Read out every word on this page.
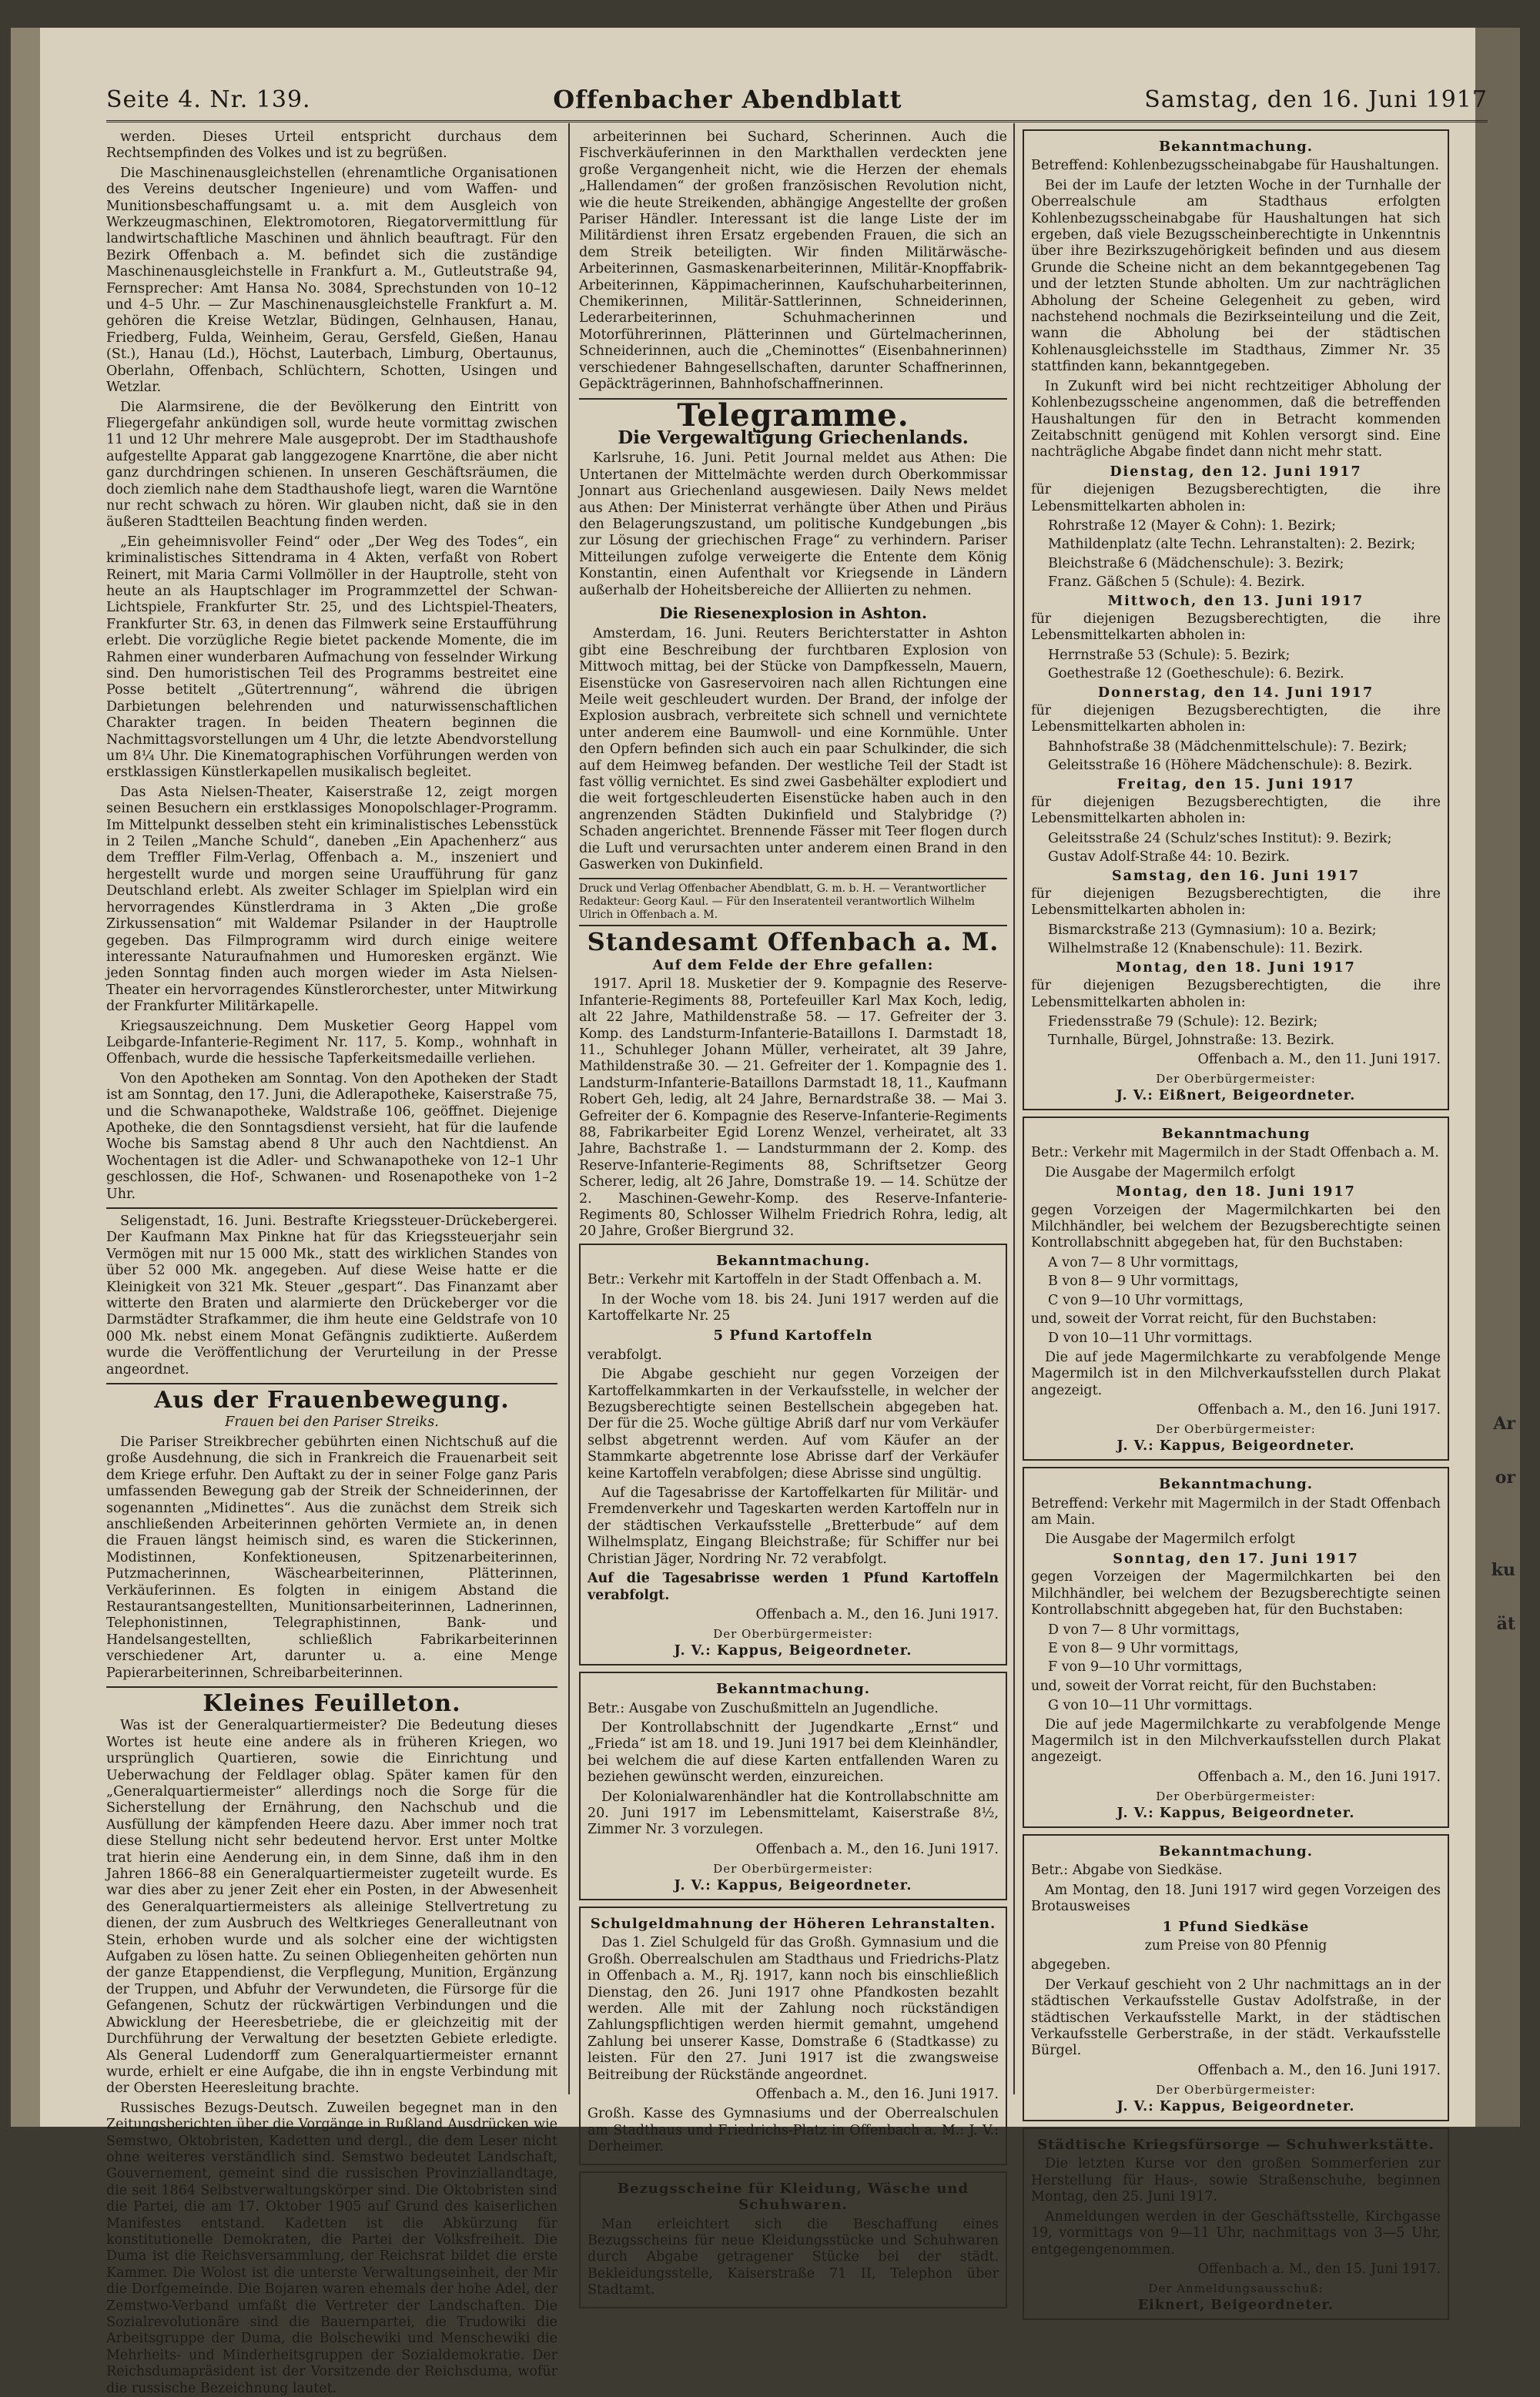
Ar
or
ku
ät
Seite 4. Nr. 139.	Offenbacher Abendblatt	Samstag, den 16. Juni 1917

werden. Dieses Urteil entspricht durchaus dem Rechtsempfinden des Volkes und ist zu begrüßen.

Die Maschinenausgleichstellen (ehrenamtliche Organisationen des Vereins deutscher Ingenieure) und vom Waffen- und Munitionsbeschaffungsamt u. a. mit dem Ausgleich von Werkzeugmaschinen, Elektromotoren, Riegatorvermittlung für landwirtschaftliche Maschinen und ähnlich beauftragt. Für den Bezirk Offenbach a. M. befindet sich die zuständige Maschinenausgleichstelle in Frankfurt a. M., Gutleutstraße 94, Fernsprecher: Amt Hansa No. 3084, Sprechstunden von 10–12 und 4–5 Uhr. — Zur Maschinenausgleichstelle Frankfurt a. M. gehören die Kreise Wetzlar, Büdingen, Gelnhausen, Hanau, Friedberg, Fulda, Weinheim, Gerau, Gersfeld, Gießen, Hanau (St.), Hanau (Ld.), Höchst, Lauterbach, Limburg, Obertaunus, Oberlahn, Offenbach, Schlüchtern, Schotten, Usingen und Wetzlar.

Die Alarmsirene, die der Bevölkerung den Eintritt von Fliegergefahr ankündigen soll, wurde heute vormittag zwischen 11 und 12 Uhr mehrere Male ausgeprobt. Der im Stadthaushofe aufgestellte Apparat gab langgezogene Knarrtöne, die aber nicht ganz durchdringen schienen. In unseren Geschäftsräumen, die doch ziemlich nahe dem Stadthaushofe liegt, waren die Warntöne nur recht schwach zu hören. Wir glauben nicht, daß sie in den äußeren Stadtteilen Beachtung finden werden.

„Ein geheimnisvoller Feind“ oder „Der Weg des Todes“, ein kriminalistisches Sittendrama in 4 Akten, verfaßt von Robert Reinert, mit Maria Carmi Vollmöller in der Hauptrolle, steht von heute an als Hauptschlager im Programmzettel der Schwan-Lichtspiele, Frankfurter Str. 25, und des Lichtspiel-Theaters, Frankfurter Str. 63, in denen das Filmwerk seine Erstaufführung erlebt. Die vorzügliche Regie bietet packende Momente, die im Rahmen einer wunderbaren Aufmachung von fesselnder Wirkung sind. Den humoristischen Teil des Programms bestreitet eine Posse betitelt „Gütertrennung“, während die übrigen Darbietungen belehrenden und naturwissenschaftlichen Charakter tragen. In beiden Theatern beginnen die Nachmittagsvorstellungen um 4 Uhr, die letzte Abendvorstellung um 8¼ Uhr. Die Kinematographischen Vorführungen werden von erstklassigen Künstlerkapellen musikalisch begleitet.

Das Asta Nielsen-Theater, Kaiserstraße 12, zeigt morgen seinen Besuchern ein erstklassiges Monopolschlager-Programm. Im Mittelpunkt desselben steht ein kriminalistisches Lebensstück in 2 Teilen „Manche Schuld“, daneben „Ein Apachenherz“ aus dem Treffler Film-Verlag, Offenbach a. M., inszeniert und hergestellt wurde und morgen seine Uraufführung für ganz Deutschland erlebt. Als zweiter Schlager im Spielplan wird ein hervorragendes Künstlerdrama in 3 Akten „Die große Zirkussensation“ mit Waldemar Psilander in der Hauptrolle gegeben. Das Filmprogramm wird durch einige weitere interessante Naturaufnahmen und Humoresken ergänzt. Wie jeden Sonntag finden auch morgen wieder im Asta Nielsen-Theater ein hervorragendes Künstlerorchester, unter Mitwirkung der Frankfurter Militärkapelle.

Kriegsauszeichnung. Dem Musketier Georg Happel vom Leibgarde-Infanterie-Regiment Nr. 117, 5. Komp., wohnhaft in Offenbach, wurde die hessische Tapferkeitsmedaille verliehen.

Von den Apotheken am Sonntag. Von den Apotheken der Stadt ist am Sonntag, den 17. Juni, die Adlerapotheke, Kaiserstraße 75, und die Schwanapotheke, Waldstraße 106, geöffnet. Diejenige Apotheke, die den Sonntagsdienst versieht, hat für die laufende Woche bis Samstag abend 8 Uhr auch den Nachtdienst. An Wochentagen ist die Adler- und Schwanapotheke von 12–1 Uhr geschlossen, die Hof-, Schwanen- und Rosenapotheke von 1–2 Uhr.

Seligenstadt, 16. Juni. Bestrafte Kriegssteuer-Drückebergerei. Der Kaufmann Max Pinkne hat für das Kriegssteuerjahr sein Vermögen mit nur 15 000 Mk., statt des wirklichen Standes von über 52 000 Mk. angegeben. Auf diese Weise hatte er die Kleinigkeit von 321 Mk. Steuer „gespart“. Das Finanzamt aber witterte den Braten und alarmierte den Drückeberger vor die Darmstädter Strafkammer, die ihm heute eine Geldstrafe von 10 000 Mk. nebst einem Monat Gefängnis zudiktierte. Außerdem wurde die Veröffentlichung der Verurteilung in der Presse angeordnet.

Aus der Frauenbewegung.
Frauen bei den Pariser Streiks.

Die Pariser Streikbrecher gebührten einen Nichtschuß auf die große Ausdehnung, die sich in Frankreich die Frauenarbeit seit dem Kriege erfuhr. Den Auftakt zu der in seiner Folge ganz Paris umfassenden Bewegung gab der Streik der Schneiderinnen, der sogenannten „Midinettes“. Aus die zunächst dem Streik sich anschließenden Arbeiterinnen gehörten Vermiete an, in denen die Frauen längst heimisch sind, es waren die Stickerinnen, Modistinnen, Konfektioneusen, Spitzenarbeiterinnen, Putzmacherinnen, Wäschearbeiterinnen, Plätterinnen, Verkäuferinnen. Es folgten in einigem Abstand die Restaurantsangestellten, Munitionsarbeiterinnen, Ladnerinnen, Telephonistinnen, Telegraphistinnen, Bank- und Handelsangestellten, schließlich Fabrikarbeiterinnen verschiedener Art, darunter u. a. eine Menge Papierarbeiterinnen, Schreibarbeiterinnen.

Kleines Feuilleton.

Was ist der Generalquartiermeister? Die Bedeutung dieses Wortes ist heute eine andere als in früheren Kriegen, wo ursprünglich Quartieren, sowie die Einrichtung und Ueberwachung der Feldlager oblag. Später kamen für den „Generalquartiermeister“ allerdings noch die Sorge für die Sicherstellung der Ernährung, den Nachschub und die Ausfüllung der kämpfenden Heere dazu. Aber immer noch trat diese Stellung nicht sehr bedeutend hervor. Erst unter Moltke trat hierin eine Aenderung ein, in dem Sinne, daß ihm in den Jahren 1866–88 ein Generalquartiermeister zugeteilt wurde. Es war dies aber zu jener Zeit eher ein Posten, in der Abwesenheit des Generalquartiermeisters als alleinige Stellvertretung zu dienen, der zum Ausbruch des Weltkrieges Generalleutnant von Stein, erhoben wurde und als solcher eine der wichtigsten Aufgaben zu lösen hatte. Zu seinen Obliegenheiten gehörten nun der ganze Etappendienst, die Verpflegung, Munition, Ergänzung der Truppen, und Abfuhr der Verwundeten, die Fürsorge für die Gefangenen, Schutz der rückwärtigen Verbindungen und die Abwicklung der Heeresbetriebe, die er gleichzeitig mit der Durchführung der Verwaltung der besetzten Gebiete erledigte. Als General Ludendorff zum Generalquartiermeister ernannt wurde, erhielt er eine Aufgabe, die ihn in engste Verbindung mit der Obersten Heeresleitung brachte.

Russisches Bezugs-Deutsch. Zuweilen begegnet man in den Zeitungsberichten über die Vorgänge in Rußland Ausdrücken wie Semstwo, Oktobristen, Kadetten und dergl., die dem Leser nicht ohne weiteres verständlich sind. Semstwo bedeutet Landschaft, Gouvernement, gemeint sind die russischen Provinziallandtage, die seit 1864 Selbstverwaltungskörper sind. Die Oktobristen sind die Partei, die am 17. Oktober 1905 auf Grund des kaiserlichen Manifestes entstand. Kadetten ist die Abkürzung für konstitutionelle Demokraten, die Partei der Volksfreiheit. Die Duma ist die Reichsversammlung, der Reichsrat bildet die erste Kammer. Die Wolost ist die unterste Verwaltungseinheit, der Mir die Dorfgemeinde. Die Bojaren waren ehemals der hohe Adel, der Zemstwo-Verband umfaßt die Vertreter der Landschaften. Die Sozialrevolutionäre sind die Bauernpartei, die Trudowiki die Arbeitsgruppe der Duma, die Bolschewiki und Menschewiki die Mehrheits- und Minderheitsgruppen der Sozialdemokratie. Der Reichsdumapräsident ist der Vorsitzende der Reichsduma, wofür die russische Bezeichnung lautet.

arbeiterinnen bei Suchard, Scherinnen. Auch die Fischverkäuferinnen in den Markthallen verdeckten jene große Vergangenheit nicht, wie die Herzen der ehemals „Hallendamen“ der großen französischen Revolution nicht, wie die heute Streikenden, abhängige Angestellte der großen Pariser Händler. Interessant ist die lange Liste der im Militärdienst ihren Ersatz ergebenden Frauen, die sich an dem Streik beteiligten. Wir finden Militärwäsche-Arbeiterinnen, Gasmaskenarbeiterinnen, Militär-Knopffabrik-Arbeiterinnen, Käppimacherinnen, Kaufschuharbeiterinnen, Chemikerinnen, Militär-Sattlerinnen, Schneiderinnen, Lederarbeiterinnen, Schuhmacherinnen und Motorführerinnen, Plätterinnen und Gürtelmacherinnen, Schneiderinnen, auch die „Cheminottes“ (Eisenbahnerinnen) verschiedener Bahngesellschaften, darunter Schaffnerinnen, Gepäckträgerinnen, Bahnhofschaffnerinnen.

Telegramme.
Die Vergewaltigung Griechenlands.

Karlsruhe, 16. Juni. Petit Journal meldet aus Athen: Die Untertanen der Mittelmächte werden durch Oberkommissar Jonnart aus Griechenland ausgewiesen. Daily News meldet aus Athen: Der Ministerrat verhängte über Athen und Piräus den Belagerungszustand, um politische Kundgebungen „bis zur Lösung der griechischen Frage“ zu verhindern. Pariser Mitteilungen zufolge verweigerte die Entente dem König Konstantin, einen Aufenthalt vor Kriegsende in Ländern außerhalb der Hoheitsbereiche der Alliierten zu nehmen.

Die Riesenexplosion in Ashton.

Amsterdam, 16. Juni. Reuters Berichterstatter in Ashton gibt eine Beschreibung der furchtbaren Explosion von Mittwoch mittag, bei der Stücke von Dampfkesseln, Mauern, Eisenstücke von Gasreservoiren nach allen Richtungen eine Meile weit geschleudert wurden. Der Brand, der infolge der Explosion ausbrach, verbreitete sich schnell und vernichtete unter anderem eine Baumwoll- und eine Kornmühle. Unter den Opfern befinden sich auch ein paar Schulkinder, die sich auf dem Heimweg befanden. Der westliche Teil der Stadt ist fast völlig vernichtet. Es sind zwei Gasbehälter explodiert und die weit fortgeschleuderten Eisenstücke haben auch in den angrenzenden Städten Dukinfield und Stalybridge (?) Schaden angerichtet. Brennende Fässer mit Teer flogen durch die Luft und verursachten unter anderem einen Brand in den Gaswerken von Dukinfield.

Druck und Verlag Offenbacher Abendblatt, G. m. b. H. — Verantwortlicher Redakteur: Georg Kaul. — Für den Inseratenteil verantwortlich Wilhelm Ulrich in Offenbach a. M.
Standesamt Offenbach a. M.
Auf dem Felde der Ehre gefallen:

1917. April 18. Musketier der 9. Kompagnie des Reserve-Infanterie-Regiments 88, Portefeuiller Karl Max Koch, ledig, alt 22 Jahre, Mathildenstraße 58. — 17. Gefreiter der 3. Komp. des Landsturm-Infanterie-Bataillons I. Darmstadt 18, 11., Schuhleger Johann Müller, verheiratet, alt 39 Jahre, Mathildenstraße 30. — 21. Gefreiter der 1. Kompagnie des 1. Landsturm-Infanterie-Bataillons Darmstadt 18, 11., Kaufmann Robert Geh, ledig, alt 24 Jahre, Bernardstraße 38. — Mai 3. Gefreiter der 6. Kompagnie des Reserve-Infanterie-Regiments 88, Fabrikarbeiter Egid Lorenz Wenzel, verheiratet, alt 33 Jahre, Bachstraße 1. — Landsturmmann der 2. Komp. des Reserve-Infanterie-Regiments 88, Schriftsetzer Georg Scherer, ledig, alt 26 Jahre, Domstraße 19. — 14. Schütze der 2. Maschinen-Gewehr-Komp. des Reserve-Infanterie-Regiments 80, Schlosser Wilhelm Friedrich Rohra, ledig, alt 20 Jahre, Großer Biergrund 32.

Bekanntmachung.

Betr.: Verkehr mit Kartoffeln in der Stadt Offenbach a. M.

In der Woche vom 18. bis 24. Juni 1917 werden auf die Kartoffelkarte Nr. 25

5 Pfund Kartoffeln

verabfolgt.

Die Abgabe geschieht nur gegen Vorzeigen der Kartoffelkammkarten in der Verkaufsstelle, in welcher der Bezugsberechtigte seinen Bestellschein abgegeben hat. Der für die 25. Woche gültige Abriß darf nur vom Verkäufer selbst abgetrennt werden. Auf vom Käufer an der Stammkarte abgetrennte lose Abrisse darf der Verkäufer keine Kartoffeln verabfolgen; diese Abrisse sind ungültig.

Auf die Tagesabrisse der Kartoffelkarten für Militär- und Fremdenverkehr und Tageskarten werden Kartoffeln nur in der städtischen Verkaufsstelle „Bretterbude“ auf dem Wilhelmsplatz, Eingang Bleichstraße; für Schiffer nur bei Christian Jäger, Nordring Nr. 72 verabfolgt.

Auf die Tagesabrisse werden 1 Pfund Kartoffeln verabfolgt.

Offenbach a. M., den 16. Juni 1917.

Der Oberbürgermeister:
J. V.: Kappus, Beigeordneter.
Bekanntmachung.

Betr.: Ausgabe von Zuschußmitteln an Jugendliche.

Der Kontrollabschnitt der Jugendkarte „Ernst“ und „Frieda“ ist am 18. und 19. Juni 1917 bei dem Kleinhändler, bei welchem die auf diese Karten entfallenden Waren zu beziehen gewünscht werden, einzureichen.

Der Kolonialwarenhändler hat die Kontrollabschnitte am 20. Juni 1917 im Lebensmittelamt, Kaiserstraße 8½, Zimmer Nr. 3 vorzulegen.

Offenbach a. M., den 16. Juni 1917.

Der Oberbürgermeister:
J. V.: Kappus, Beigeordneter.
Schulgeldmahnung der Höheren Lehranstalten.

Das 1. Ziel Schulgeld für das Großh. Gymnasium und die Großh. Oberrealschulen am Stadthaus und Friedrichs-Platz in Offenbach a. M., Rj. 1917, kann noch bis einschließlich Dienstag, den 26. Juni 1917 ohne Pfandkosten bezahlt werden. Alle mit der Zahlung noch rückständigen Zahlungspflichtigen werden hiermit gemahnt, umgehend Zahlung bei unserer Kasse, Domstraße 6 (Stadtkasse) zu leisten. Für den 27. Juni 1917 ist die zwangsweise Beitreibung der Rückstände angeordnet.

Offenbach a. M., den 16. Juni 1917.

Großh. Kasse des Gymnasiums und der Oberrealschulen am Stadthaus und Friedrichs-Platz in Offenbach a. M.: J. V.: Derheimer.

Bezugsscheine für Kleidung, Wäsche und Schuhwaren.

Man erleichtert sich die Beschaffung eines Bezugsscheins für neue Kleidungsstücke und Schuhwaren durch Abgabe getragener Stücke bei der städt. Bekleidungsstelle, Kaiserstraße 71 II, Telephon über Stadtamt.

Bekanntmachung.

Betreffend: Kohlenbezugsscheinabgabe für Haushaltungen.

Bei der im Laufe der letzten Woche in der Turnhalle der Oberrealschule am Stadthaus erfolgten Kohlenbezugsscheinabgabe für Haushaltungen hat sich ergeben, daß viele Bezugsscheinberechtigte in Unkenntnis über ihre Bezirkszugehörigkeit befinden und aus diesem Grunde die Scheine nicht an dem bekanntgegebenen Tag und der letzten Stunde abholten. Um zur nachträglichen Abholung der Scheine Gelegenheit zu geben, wird nachstehend nochmals die Bezirkseinteilung und die Zeit, wann die Abholung bei der städtischen Kohlenausgleichsstelle im Stadthaus, Zimmer Nr. 35 stattfinden kann, bekanntgegeben.

In Zukunft wird bei nicht rechtzeitiger Abholung der Kohlenbezugsscheine angenommen, daß die betreffenden Haushaltungen für den in Betracht kommenden Zeitabschnitt genügend mit Kohlen versorgt sind. Eine nachträgliche Abgabe findet dann nicht mehr statt.

Dienstag, den 12. Juni 1917

für diejenigen Bezugsberechtigten, die ihre Lebensmittelkarten abholen in:

Rohrstraße 12 (Mayer & Cohn): 1. Bezirk;
Mathildenplatz (alte Techn. Lehranstalten): 2. Bezirk;
Bleichstraße 6 (Mädchenschule): 3. Bezirk;
Franz. Gäßchen 5 (Schule): 4. Bezirk.
Mittwoch, den 13. Juni 1917

für diejenigen Bezugsberechtigten, die ihre Lebensmittelkarten abholen in:

Herrnstraße 53 (Schule): 5. Bezirk;
Goethestraße 12 (Goetheschule): 6. Bezirk.
Donnerstag, den 14. Juni 1917

für diejenigen Bezugsberechtigten, die ihre Lebensmittelkarten abholen in:

Bahnhofstraße 38 (Mädchenmittelschule): 7. Bezirk;
Geleitsstraße 16 (Höhere Mädchenschule): 8. Bezirk.
Freitag, den 15. Juni 1917

für diejenigen Bezugsberechtigten, die ihre Lebensmittelkarten abholen in:

Geleitsstraße 24 (Schulz'sches Institut): 9. Bezirk;
Gustav Adolf-Straße 44: 10. Bezirk.
Samstag, den 16. Juni 1917

für diejenigen Bezugsberechtigten, die ihre Lebensmittelkarten abholen in:

Bismarckstraße 213 (Gymnasium): 10 a. Bezirk;
Wilhelmstraße 12 (Knabenschule): 11. Bezirk.
Montag, den 18. Juni 1917

für diejenigen Bezugsberechtigten, die ihre Lebensmittelkarten abholen in:

Friedensstraße 79 (Schule): 12. Bezirk;
Turnhalle, Bürgel, Johnstraße: 13. Bezirk.

Offenbach a. M., den 11. Juni 1917.

Der Oberbürgermeister:
J. V.: Eißnert, Beigeordneter.
Bekanntmachung

Betr.: Verkehr mit Magermilch in der Stadt Offenbach a. M.

Die Ausgabe der Magermilch erfolgt

Montag, den 18. Juni 1917

gegen Vorzeigen der Magermilchkarten bei den Milchhändler, bei welchem der Bezugsberechtigte seinen Kontrollabschnitt abgegeben hat, für den Buchstaben:

A von 7— 8 Uhr vormittags,
B von 8— 9 Uhr vormittags,
C von 9—10 Uhr vormittags,

und, soweit der Vorrat reicht, für den Buchstaben:

D von 10—11 Uhr vormittags.

Die auf jede Magermilchkarte zu verabfolgende Menge Magermilch ist in den Milchverkaufsstellen durch Plakat angezeigt.

Offenbach a. M., den 16. Juni 1917.

Der Oberbürgermeister:
J. V.: Kappus, Beigeordneter.
Bekanntmachung.

Betreffend: Verkehr mit Magermilch in der Stadt Offenbach am Main.

Die Ausgabe der Magermilch erfolgt

Sonntag, den 17. Juni 1917

gegen Vorzeigen der Magermilchkarten bei den Milchhändler, bei welchem der Bezugsberechtigte seinen Kontrollabschnitt abgegeben hat, für den Buchstaben:

D von 7— 8 Uhr vormittags,
E von 8— 9 Uhr vormittags,
F von 9—10 Uhr vormittags,

und, soweit der Vorrat reicht, für den Buchstaben:

G von 10—11 Uhr vormittags.

Die auf jede Magermilchkarte zu verabfolgende Menge Magermilch ist in den Milchverkaufsstellen durch Plakat angezeigt.

Offenbach a. M., den 16. Juni 1917.

Der Oberbürgermeister:
J. V.: Kappus, Beigeordneter.
Bekanntmachung.

Betr.: Abgabe von Siedkäse.

Am Montag, den 18. Juni 1917 wird gegen Vorzeigen des Brotausweises

1 Pfund Siedkäse
zum Preise von 80 Pfennig

abgegeben.

Der Verkauf geschieht von 2 Uhr nachmittags an in der städtischen Verkaufsstelle Gustav Adolfstraße, in der städtischen Verkaufsstelle Markt, in der städtischen Verkaufsstelle Gerberstraße, in der städt. Verkaufsstelle Bürgel.

Offenbach a. M., den 16. Juni 1917.

Der Oberbürgermeister:
J. V.: Kappus, Beigeordneter.
Städtische Kriegsfürsorge — Schuhwerkstätte.

Die letzten Kurse vor den großen Sommerferien zur Herstellung für Haus-, sowie Straßenschuhe, beginnen Montag, den 25. Juni 1917.

Anmeldungen werden in der Geschäftsstelle, Kirchgasse 19, vormittags von 9—11 Uhr, nachmittags von 3—5 Uhr, entgegengenommen.

Offenbach a. M., den 15. Juni 1917.

Der Anmeldungsausschuß:
Eiknert, Beigeordneter.
